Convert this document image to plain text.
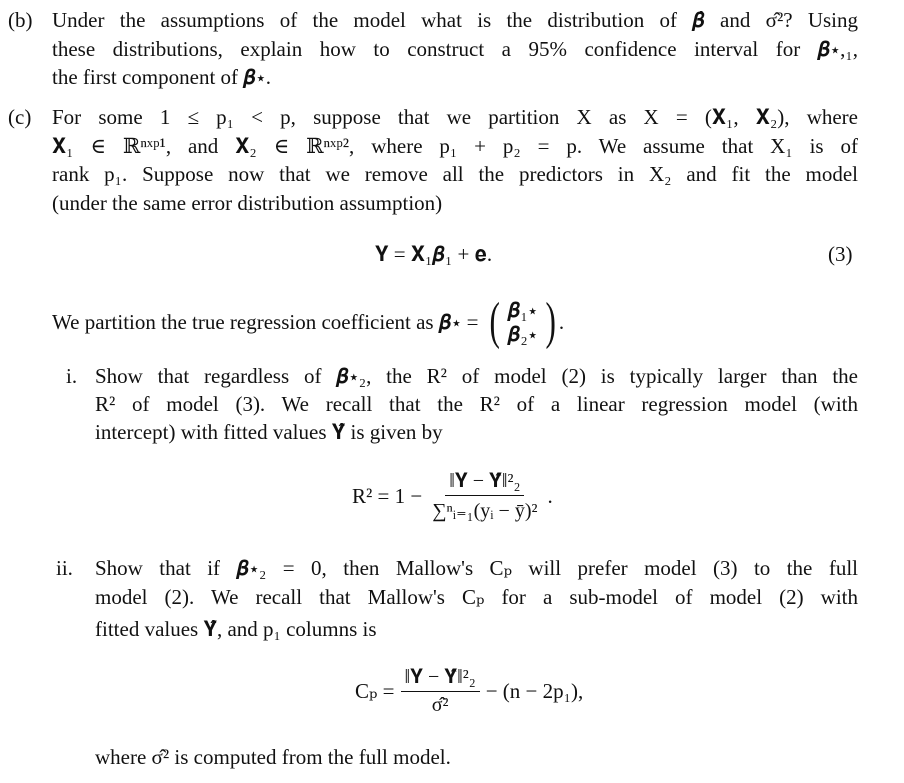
(b) Under the assumptions of the model what is the distribution of 𝜷̂ and σ̂²? Using
these distributions, explain how to construct a 95% confidence interval for 𝜷⋆,₁,
the first component of 𝜷⋆.
(c) For some 1 ≤ p₁ < p, suppose that we partition X as X = (𝐗₁, 𝐗₂), where
𝐗₁ ∈ ℝⁿˣᵖ¹, and 𝐗₂ ∈ ℝⁿˣᵖ², where p₁ + p₂ = p. We assume that X₁ is of
rank p₁. Suppose now that we remove all the predictors in X₂ and fit the model
(under the same error distribution assumption)
𝐘 = 𝐗₁𝜷₁ + 𝐞.	(3)
We partition the true regression coefficient as 𝜷⋆ = ( 𝜷₁⋆
𝜷₂⋆ ) .
i. Show that regardless of 𝜷⋆₂, the R² of model (2) is typically larger than the
R² of model (3). We recall that the R² of a linear regression model (with
intercept) with fitted values 𝐘̂ is given by
$R^2 = 1 - \frac{\text{‖𝐘 − 𝐘̂‖²₂}}{\text{∑ⁿᵢ₌₁(yᵢ − ȳ)²}}$ .
ii. Show that if 𝜷⋆₂ = 0, then Mallow's Cₚ will prefer model (3) to the full
model (2). We recall that Mallow's Cₚ for a sub-model of model (2) with
fitted values 𝐘̂, and p₁ columns is
$C_p = \frac{\text{‖𝐘 − 𝐘̂‖²₂}}{\text{σ̂²}} - (n - 2p_1)$,
where σ̂² is computed from the full model.
